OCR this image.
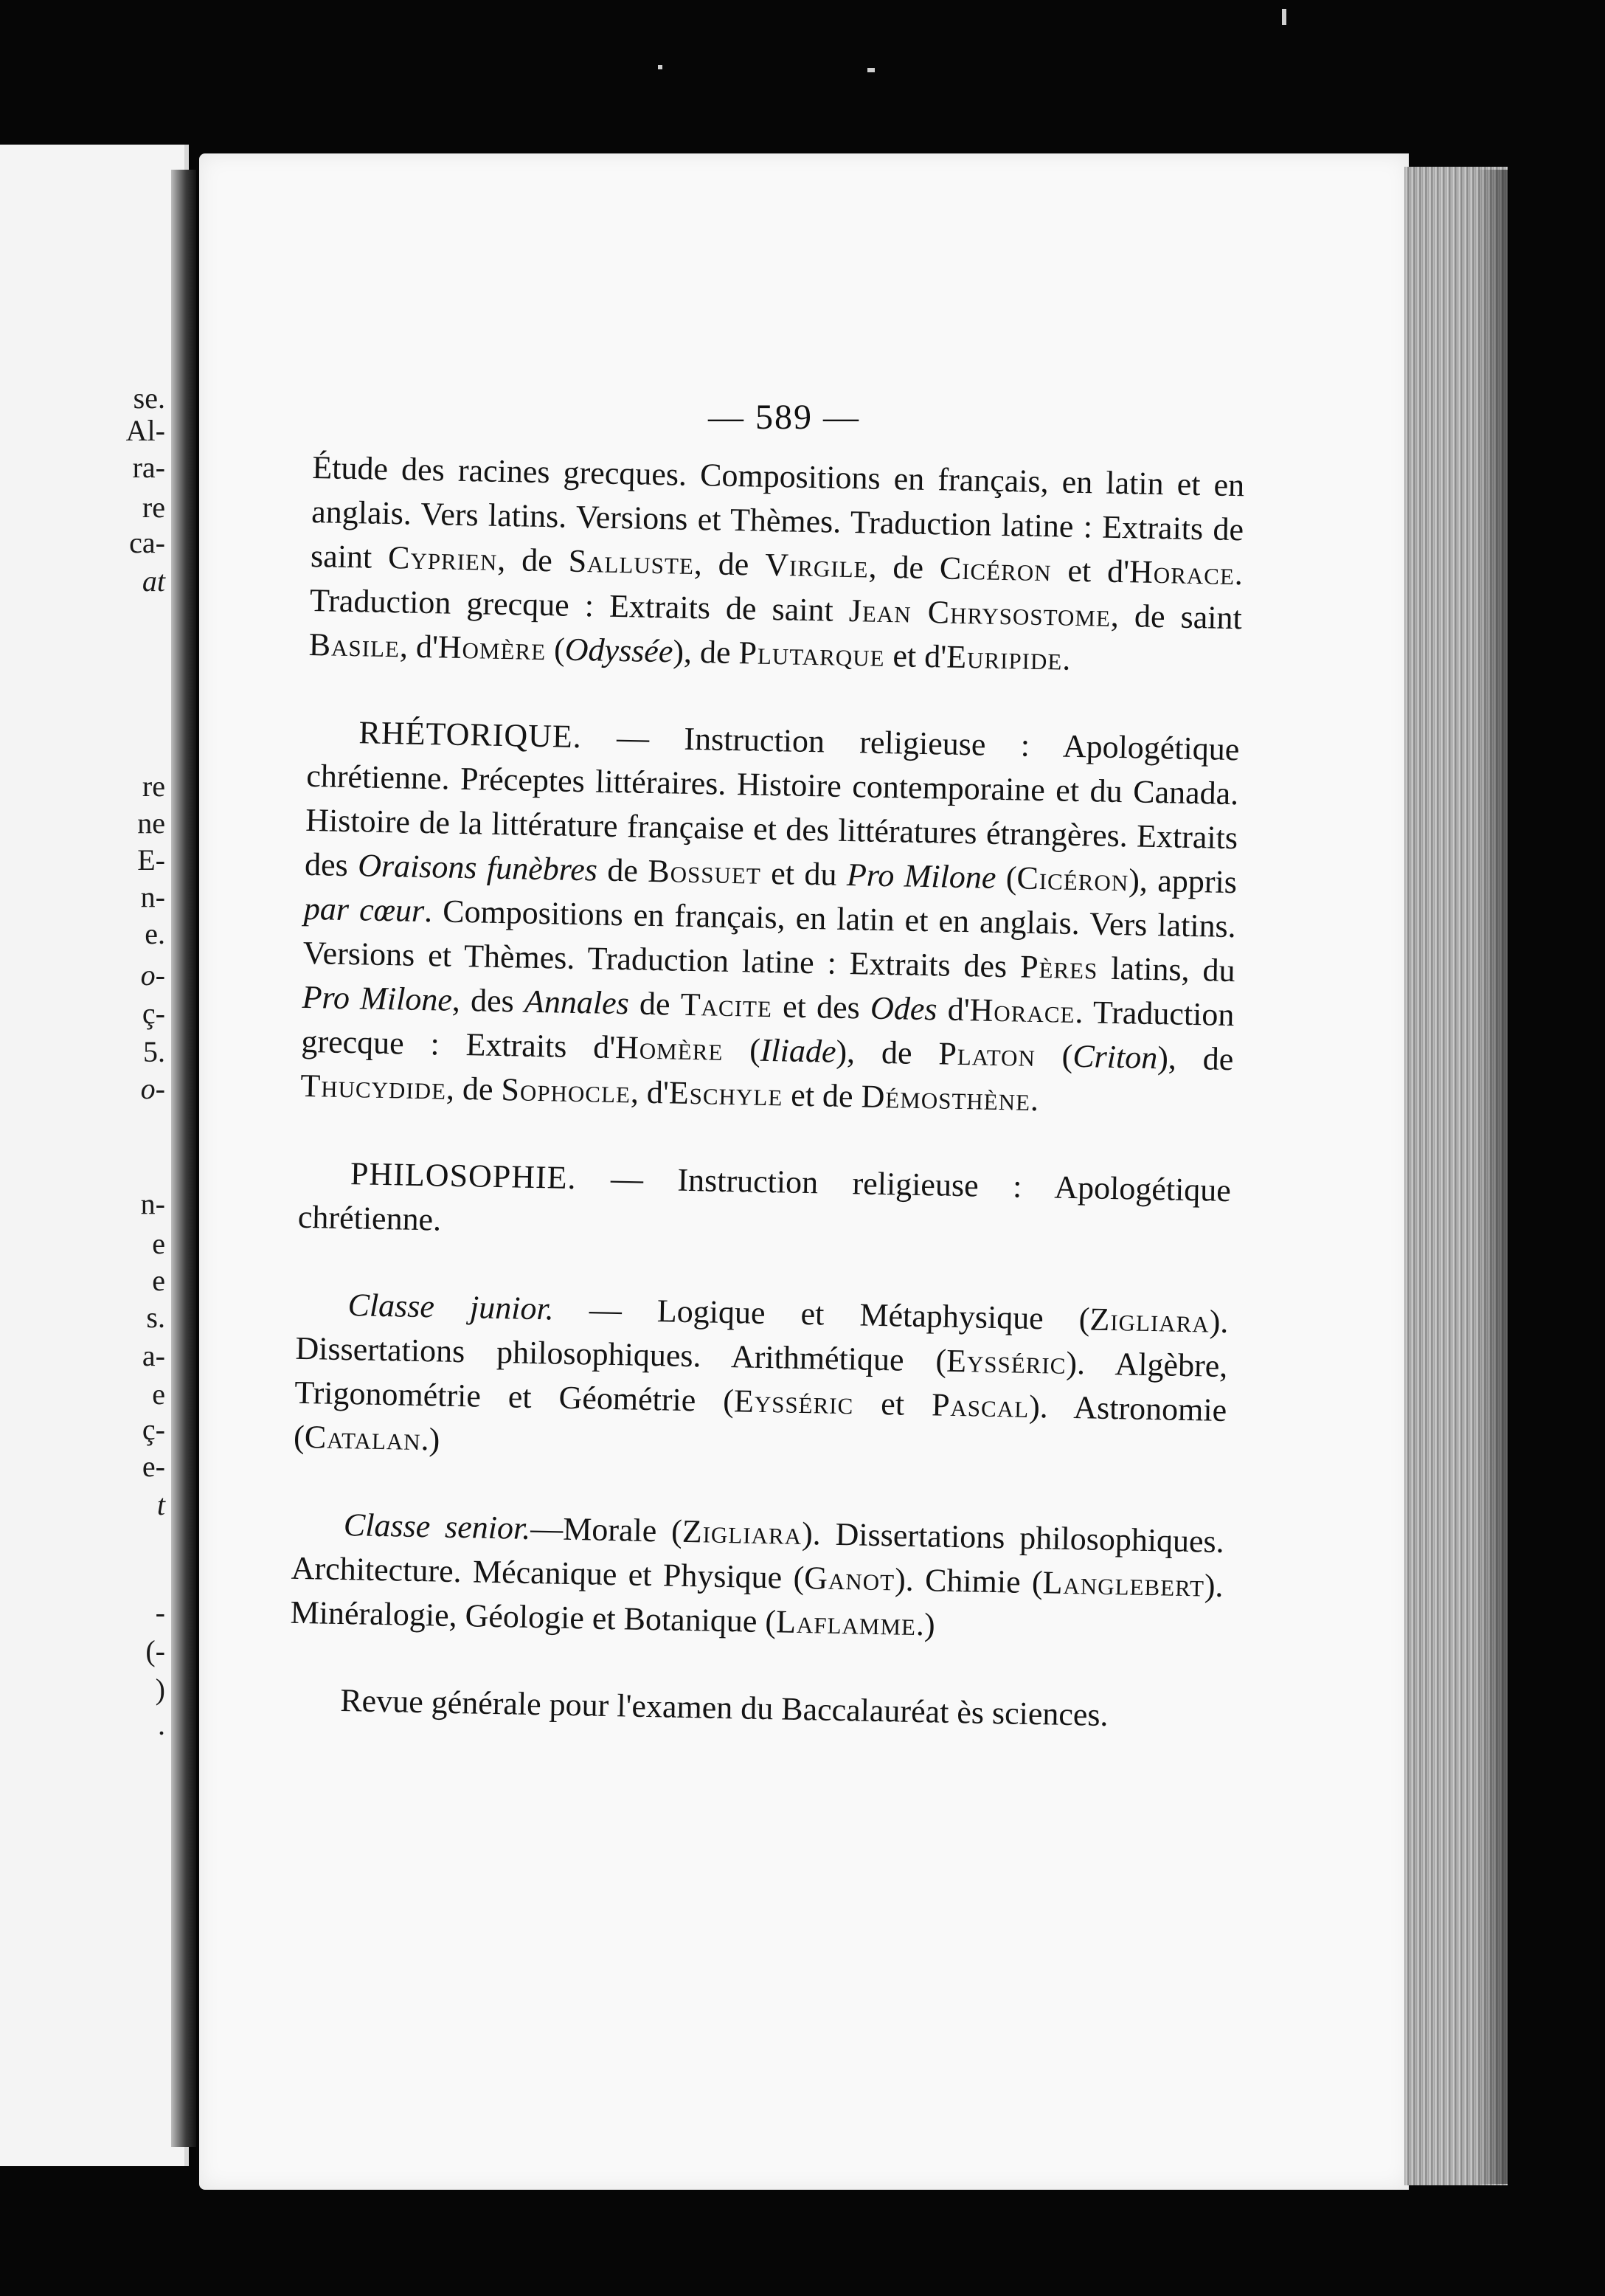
se.
Al-
ra-
re
ca-
at
re
ne
E-
n-
e.
o-
ç-
5.
o-
n-
e
e
s.
a-
e
ç-
e-
t
-
(-
)
.
— 589 —

Étude des racines grecques. Compositions en français, en latin et en anglais. Vers latins. Versions et Thèmes. Traduction latine : Extraits de saint Cyprien, de Salluste, de Virgile, de Cicéron et d'Horace. Traduction grecque : Extraits de saint Jean Chrysostome, de saint Basile, d'Homère (Odyssée), de Plutarque et d'Euripide.

RHÉTORIQUE. — Instruction religieuse : Apologétique chrétienne. Préceptes littéraires. Histoire contemporaine et du Canada. Histoire de la littérature française et des littératures étrangères. Extraits des Oraisons funèbres de Bossuet et du Pro Milone (Cicéron), appris par cœur. Compositions en français, en latin et en anglais. Vers latins. Versions et Thèmes. Traduction latine : Extraits des Pères latins, du Pro Milone, des Annales de Tacite et des Odes d'Horace. Traduction grecque : Extraits d'Homère (Iliade), de Platon (Criton), de Thucydide, de Sophocle, d'Eschyle et de Démosthène.

PHILOSOPHIE. — Instruction religieuse : Apologétique chrétienne.

Classe junior. — Logique et Métaphysique (Zigliara). Dissertations philosophiques. Arithmétique (Eysséric). Algèbre, Trigonométrie et Géométrie (Eysséric et Pascal). Astronomie (Catalan.)

Classe senior.—Morale (Zigliara). Dissertations philosophiques. Architecture. Mécanique et Physique (Ganot). Chimie (Langlebert). Minéralogie, Géologie et Botanique (Laflamme.)

Revue générale pour l'examen du Baccalauréat ès sciences.
